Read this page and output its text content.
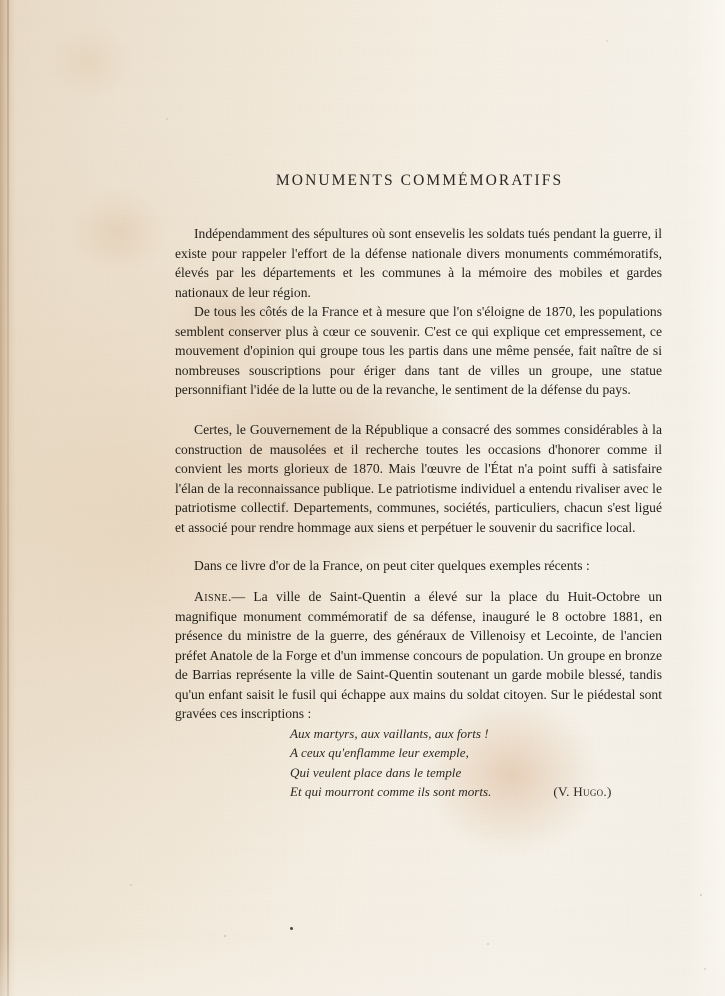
MONUMENTS COMMÉMORATIFS

Indépendamment des sépultures où sont ensevelis les soldats tués pendant la guerre, il existe pour rappeler l'effort de la défense nationale divers monuments commémoratifs, élevés par les départements et les communes à la mémoire des mobiles et gardes nationaux de leur région.

De tous les côtés de la France et à mesure que l'on s'éloigne de 1870, les populations semblent conserver plus à cœur ce souvenir. C'est ce qui explique cet empressement, ce mouvement d'opinion qui groupe tous les partis dans une même pensée, fait naître de si nombreuses souscriptions pour ériger dans tant de villes un groupe, une statue personnifiant l'idée de la lutte ou de la revanche, le sentiment de la défense du pays.

Certes, le Gouvernement de la République a consacré des sommes considérables à la construction de mausolées et il recherche toutes les occasions d'honorer comme il convient les morts glorieux de 1870. Mais l'œuvre de l'État n'a point suffi à satisfaire l'élan de la reconnaissance publique. Le patriotisme individuel a entendu rivaliser avec le patriotisme collectif. Departements, communes, sociétés, particuliers, chacun s'est ligué et associé pour rendre hommage aux siens et perpétuer le souvenir du sacrifice local.

Dans ce livre d'or de la France, on peut citer quelques exemples récents :

Aisne.— La ville de Saint-Quentin a élevé sur la place du Huit-Octobre un magnifique monument commémoratif de sa défense, inauguré le 8 octobre 1881, en présence du ministre de la guerre, des généraux de Villenoisy et Lecointe, de l'ancien préfet Anatole de la Forge et d'un immense concours de population. Un groupe en bronze de Barrias représente la ville de Saint-Quentin soutenant un garde mobile blessé, tandis qu'un enfant saisit le fusil qui échappe aux mains du soldat citoyen. Sur le piédestal sont gravées ces inscriptions :

Aux martyrs, aux vaillants, aux forts !
A ceux qu'enflamme leur exemple,
Qui veulent place dans le temple
Et qui mourront comme ils sont morts.	(V. Hugo.)
